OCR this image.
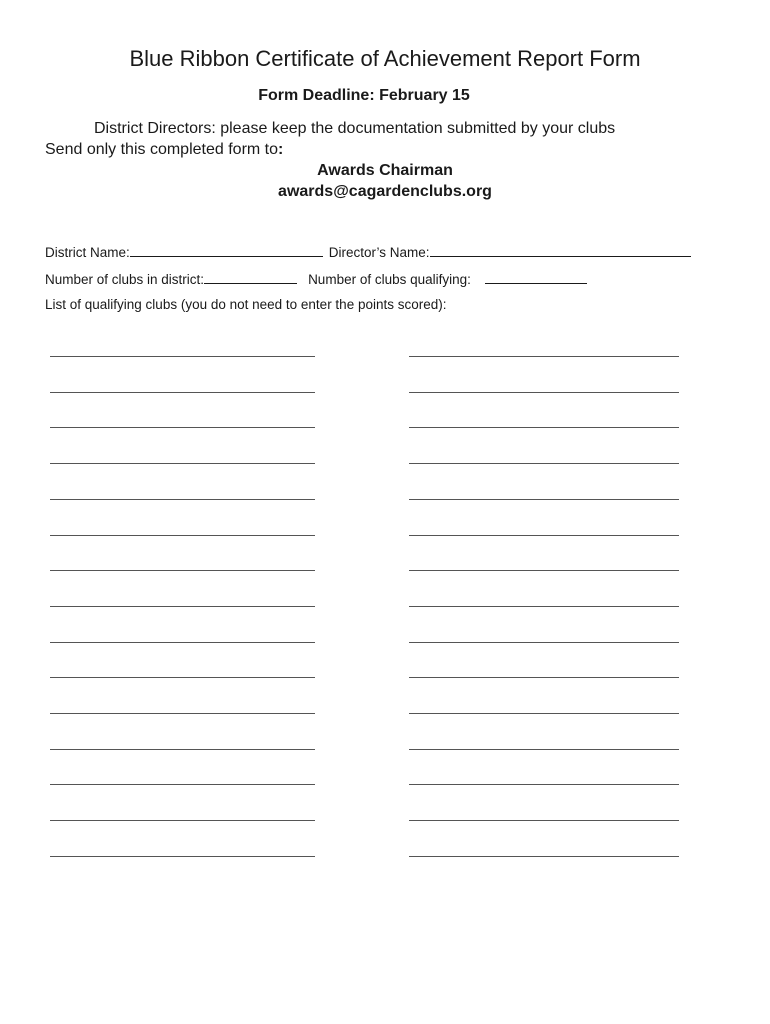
Blue Ribbon Certificate of Achievement Report Form

Form Deadline: February 15

District Directors: please keep the documentation submitted by your clubs

Send only this completed form to:

Awards Chairman
awards@cagardenclubs.org
District Name:	Director’s Name:
Number of clubs in district:	Number of clubs qualifying:
List of qualifying clubs (you do not need to enter the points scored):
